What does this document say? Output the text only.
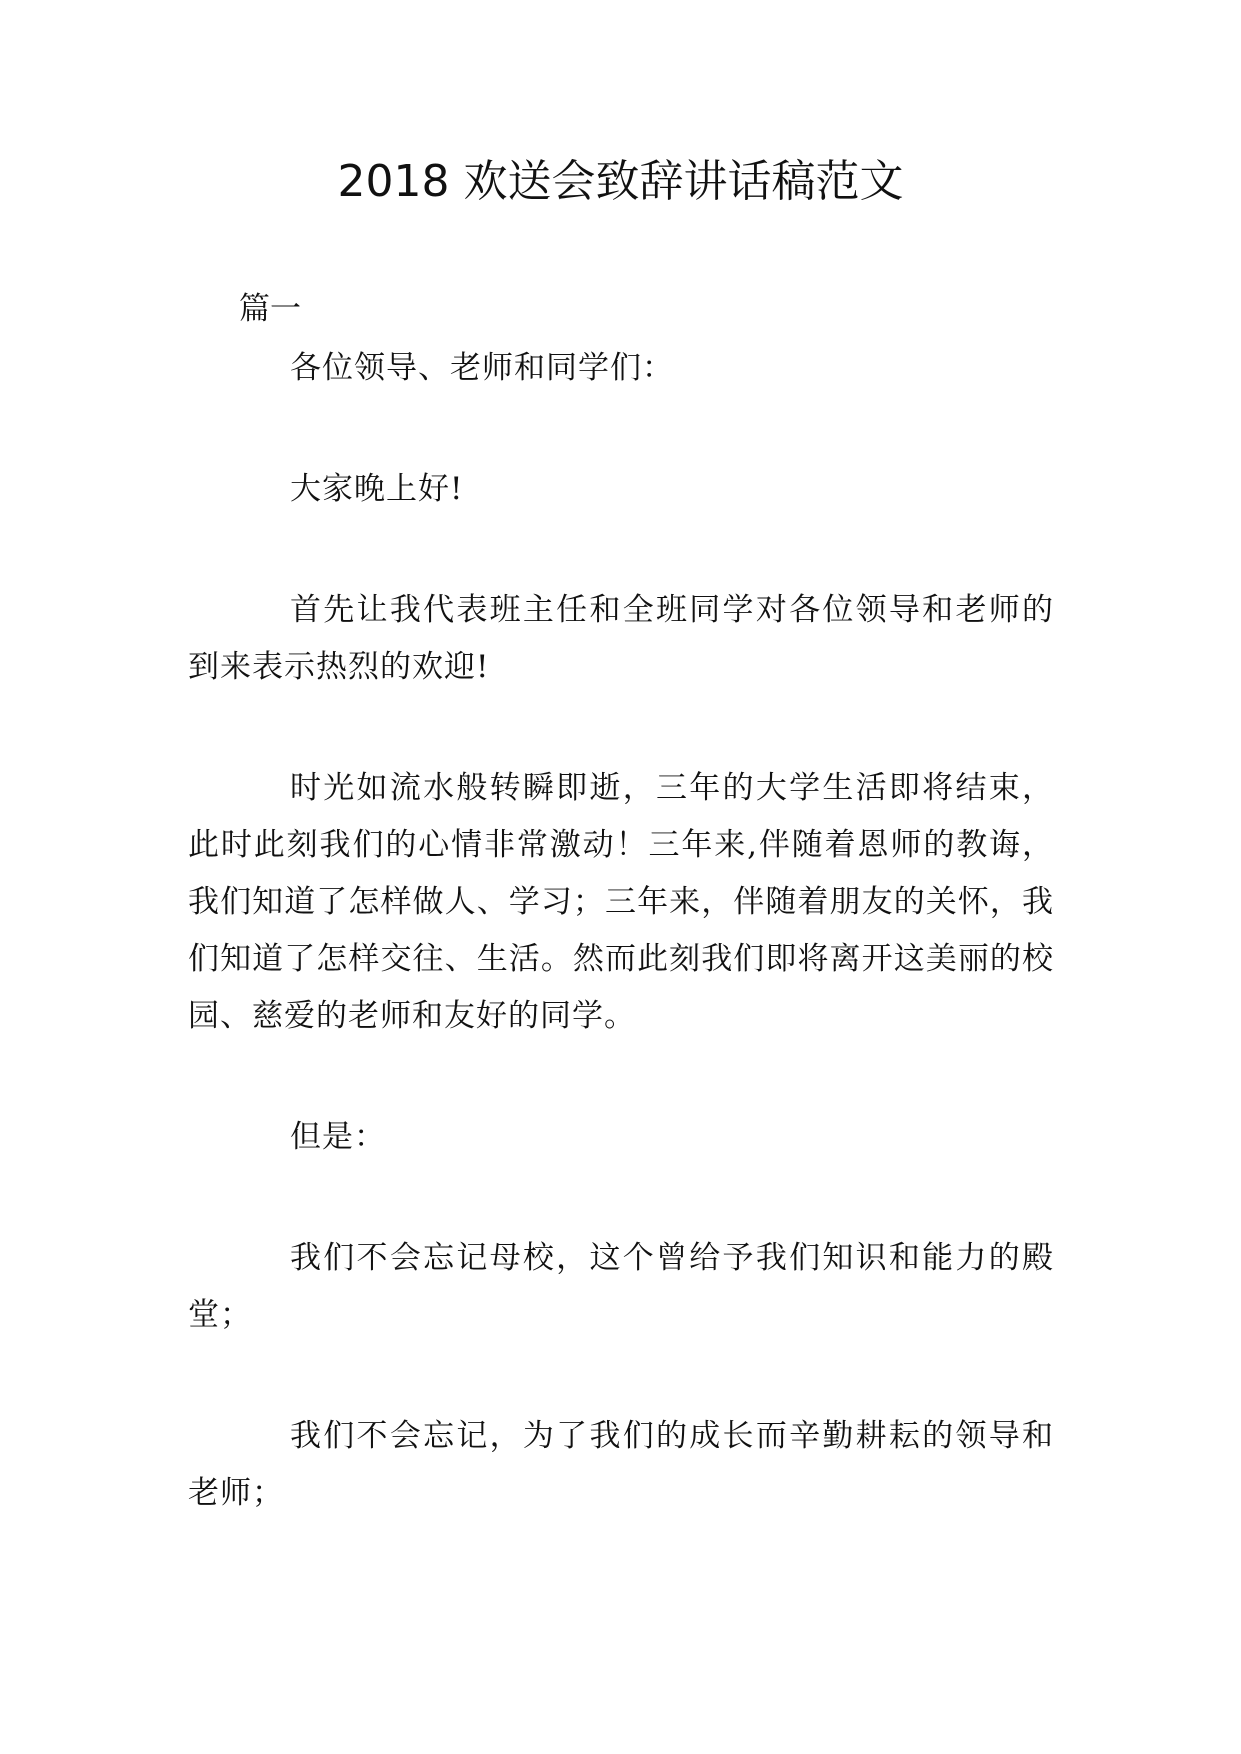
2018 欢送会致辞讲话稿范文

篇一

各位领导、老师和同学们：

大家晚上好!

首先让我代表班主任和全班同学对各位领导和老师的到来表示热烈的欢迎!

时光如流水般转瞬即逝，三年的大学生活即将结束，此时此刻我们的心情非常激动！三年来,伴随着恩师的教诲，我们知道了怎样做人、学习；三年来，伴随着朋友的关怀，我们知道了怎样交往、生活。然而此刻我们即将离开这美丽的校园、慈爱的老师和友好的同学。

但是：

我们不会忘记母校，这个曾给予我们知识和能力的殿堂；

我们不会忘记，为了我们的成长而辛勤耕耘的领导和老师；
